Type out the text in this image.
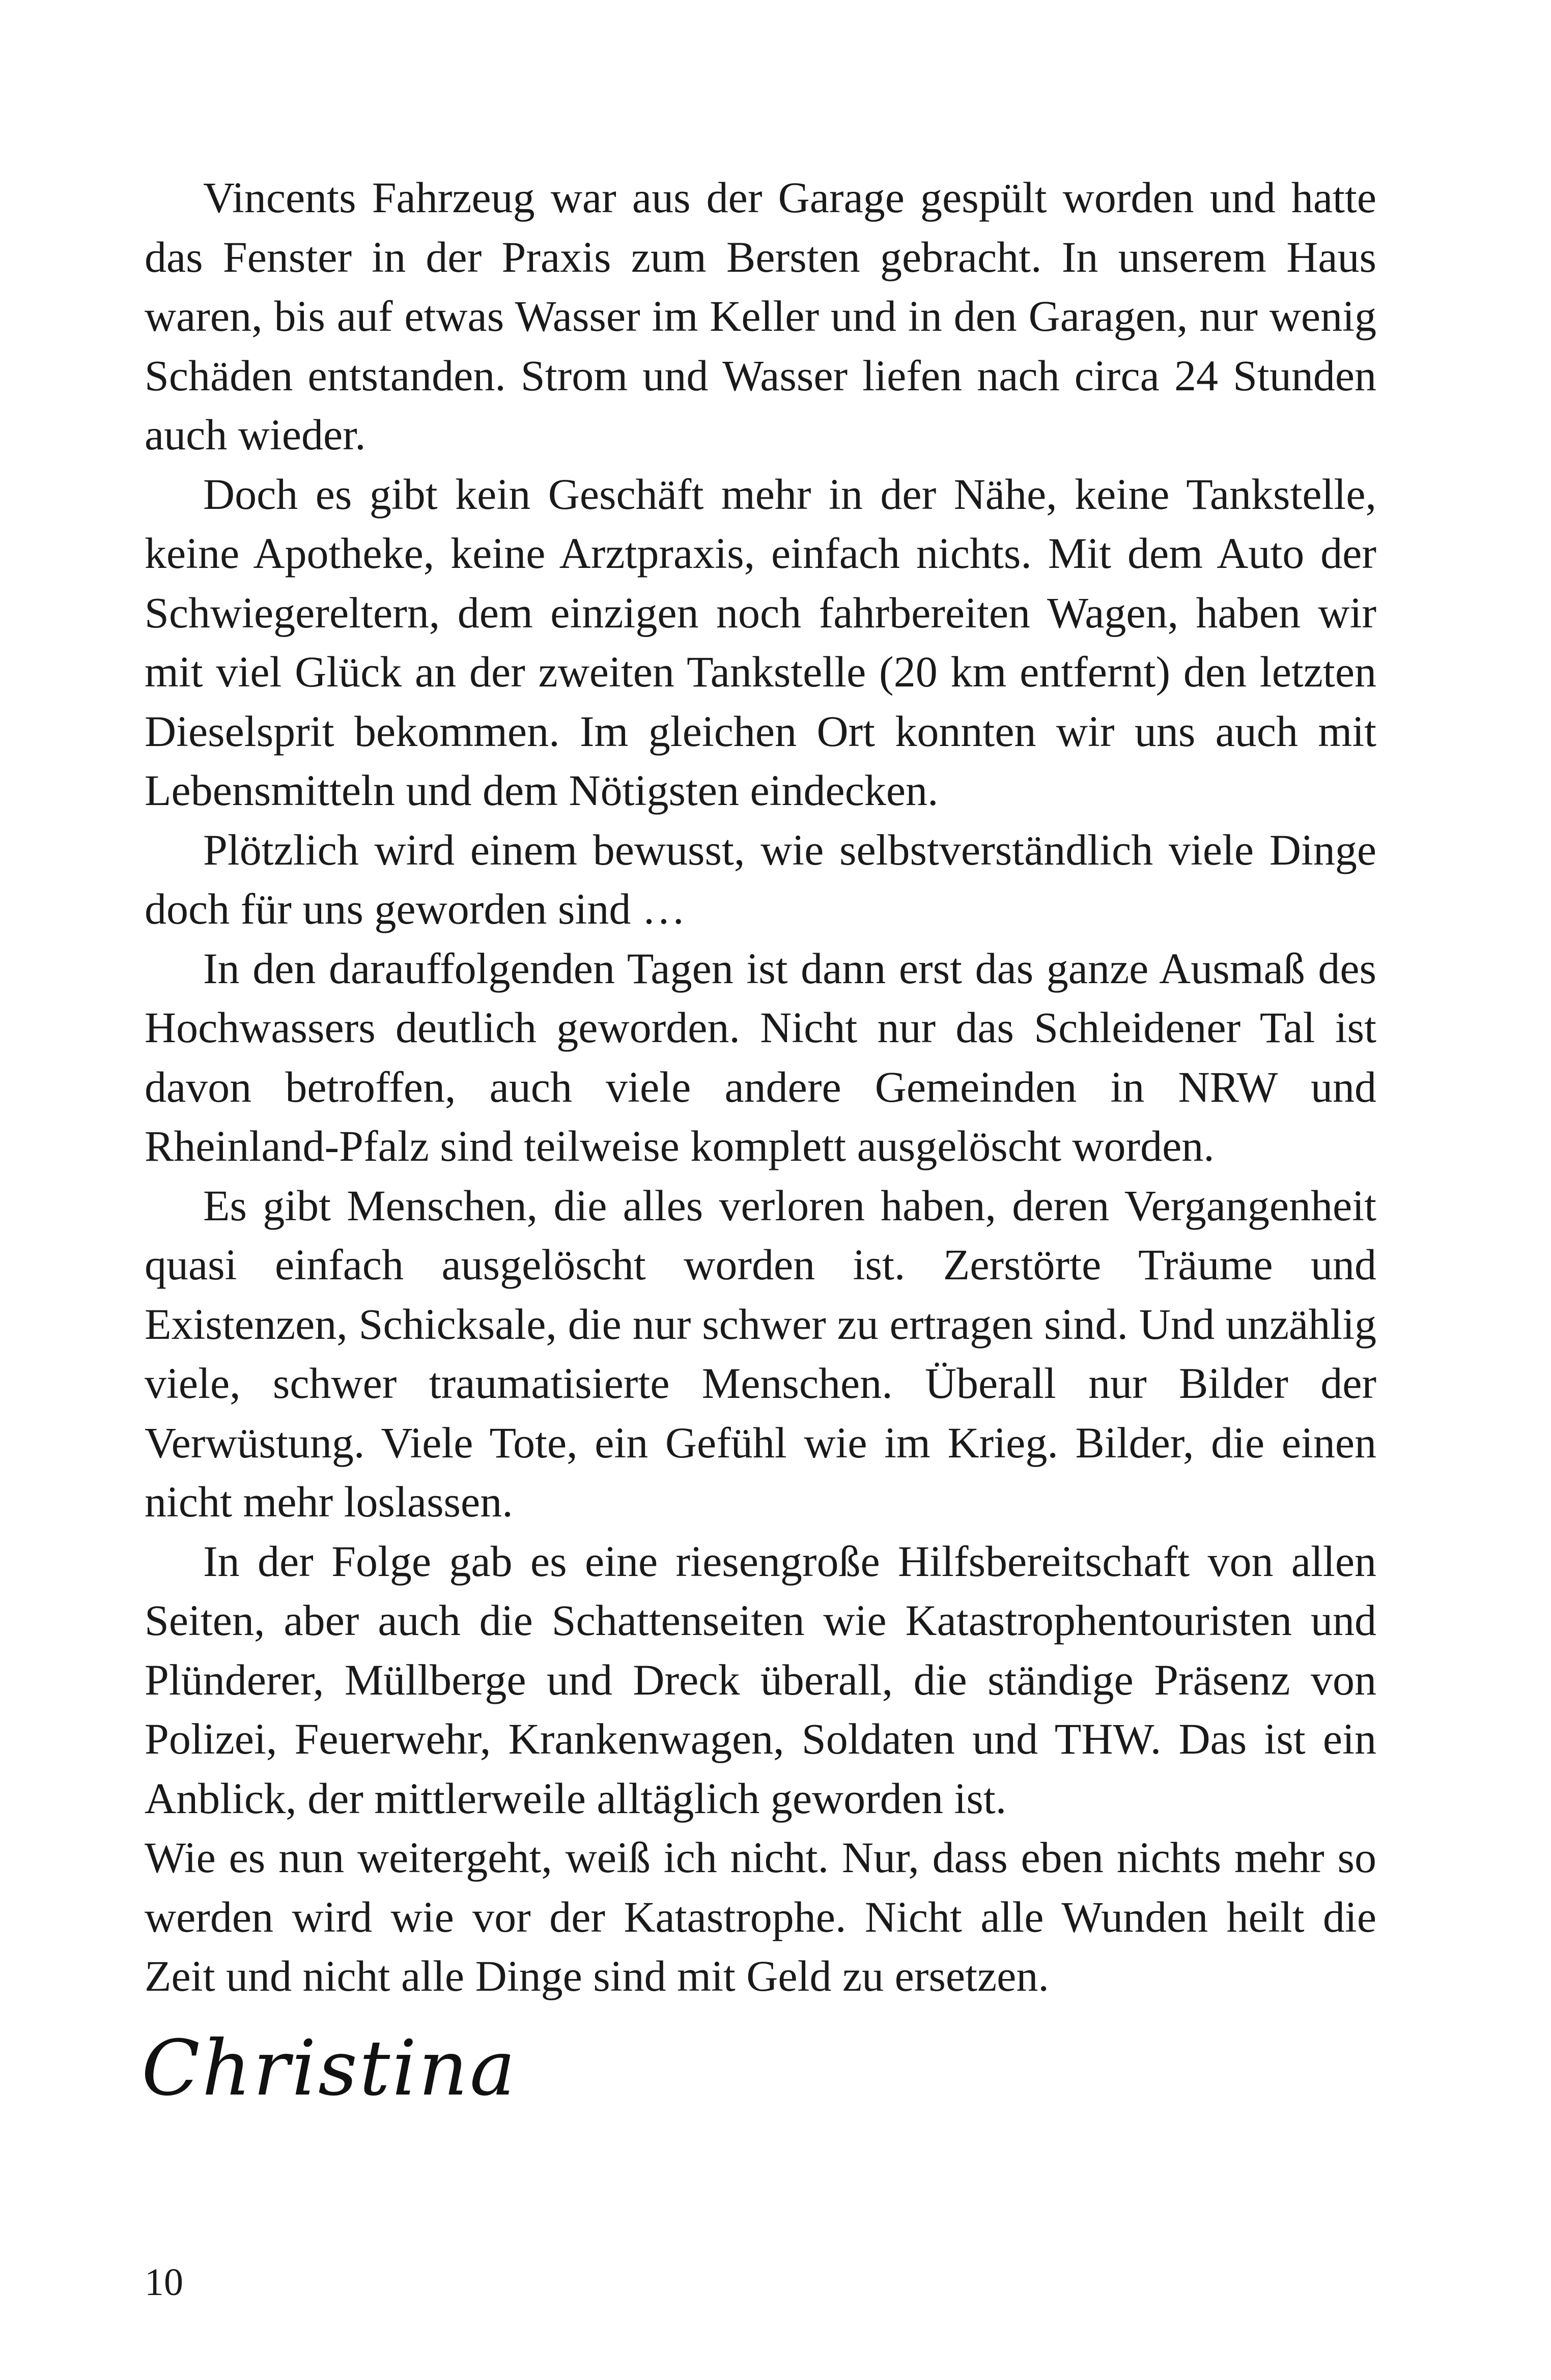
Vincents Fahrzeug war aus der Garage gespült worden und hatte das Fenster in der Praxis zum Bersten gebracht. In unserem Haus waren, bis auf etwas Wasser im Keller und in den Garagen, nur wenig Schäden entstanden. Strom und Wasser liefen nach circa 24 Stunden auch wieder.

Doch es gibt kein Geschäft mehr in der Nähe, keine Tankstelle, keine Apotheke, keine Arztpraxis, einfach nichts. Mit dem Auto der Schwiegereltern, dem einzigen noch fahrbereiten Wagen, haben wir mit viel Glück an der zweiten Tankstelle (20 km entfernt) den letzten Dieselsprit bekommen. Im gleichen Ort konnten wir uns auch mit Lebensmitteln und dem Nötigsten eindecken.

Plötzlich wird einem bewusst, wie selbstverständlich viele Dinge doch für uns geworden sind …

In den darauffolgenden Tagen ist dann erst das ganze Ausmaß des Hochwassers deutlich geworden. Nicht nur das Schleidener Tal ist davon betroffen, auch viele andere Gemeinden in NRW und Rheinland-Pfalz sind teilweise komplett ausgelöscht worden.

Es gibt Menschen, die alles verloren haben, deren Vergangenheit quasi einfach ausgelöscht worden ist. Zerstörte Träume und Existenzen, Schicksale, die nur schwer zu ertragen sind. Und unzählig viele, schwer traumatisierte Menschen. Überall nur Bilder der Verwüstung. Viele Tote, ein Gefühl wie im Krieg. Bilder, die einen nicht mehr loslassen.

In der Folge gab es eine riesengroße Hilfsbereitschaft von allen Seiten, aber auch die Schattenseiten wie Katastrophentouristen und Plünderer, Müllberge und Dreck überall, die ständige Präsenz von Polizei, Feuerwehr, Krankenwagen, Soldaten und THW. Das ist ein Anblick, der mittlerweile alltäglich geworden ist.

Wie es nun weitergeht, weiß ich nicht. Nur, dass eben nichts mehr so werden wird wie vor der Katastrophe. Nicht alle Wunden heilt die Zeit und nicht alle Dinge sind mit Geld zu ersetzen.

Christina
10
